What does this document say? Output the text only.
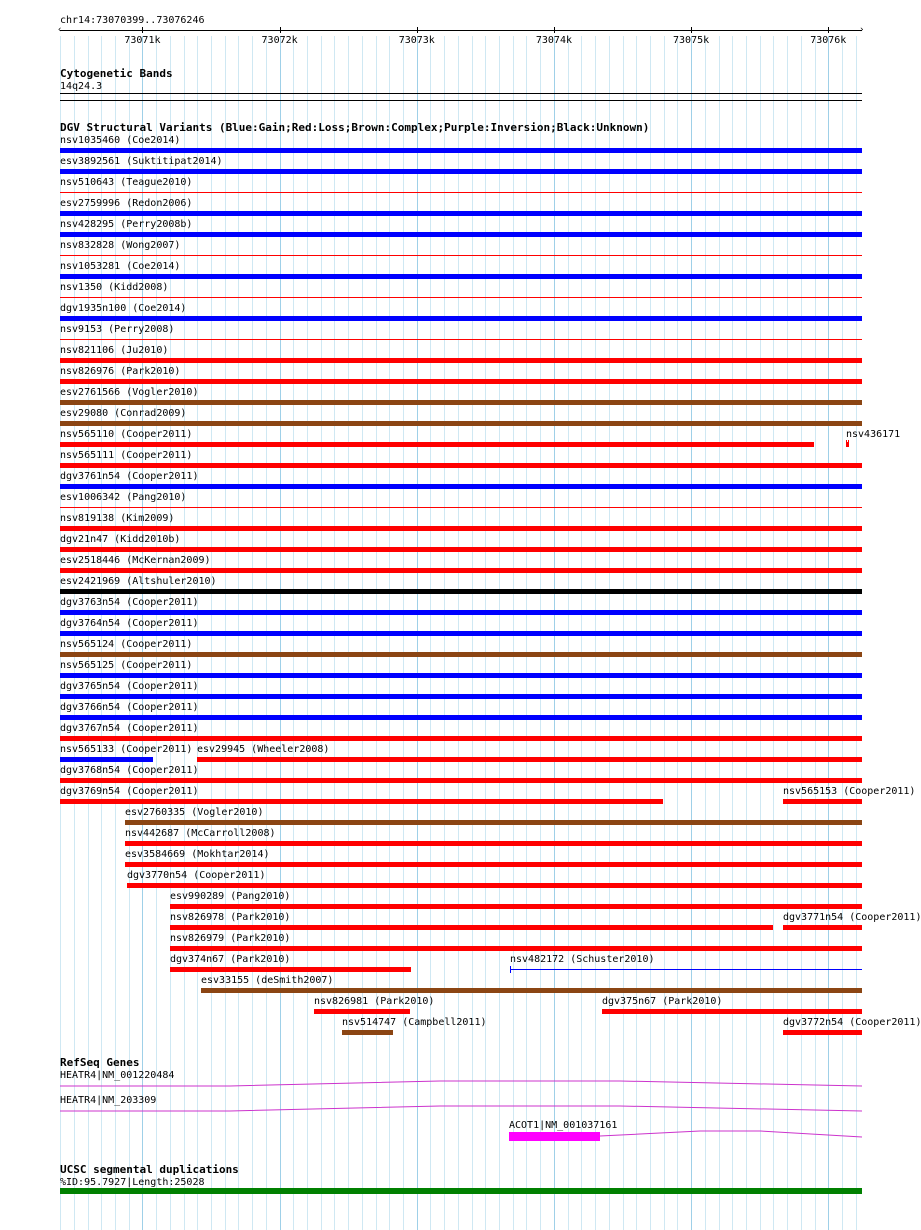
chr14:73070399..73076246
‹	›
73071k	73072k	73073k	73074k	73075k	73076k
Cytogenetic Bands
14q24.3
DGV Structural Variants (Blue:Gain;Red:Loss;Brown:Complex;Purple:Inversion;Black:Unknown)
nsv1035460 (Coe2014)
esv3892561 (Suktitipat2014)
nsv510643 (Teague2010)
esv2759996 (Redon2006)
nsv428295 (Perry2008b)
nsv832828 (Wong2007)
nsv1053281 (Coe2014)
nsv1350 (Kidd2008)
dgv1935n100 (Coe2014)
nsv9153 (Perry2008)
nsv821106 (Ju2010)
nsv826976 (Park2010)
esv2761566 (Vogler2010)
esv29080 (Conrad2009)
nsv565110 (Cooper2011)	nsv436171
nsv565111 (Cooper2011)
dgv3761n54 (Cooper2011)
esv1006342 (Pang2010)
nsv819138 (Kim2009)
dgv21n47 (Kidd2010b)
esv2518446 (McKernan2009)
esv2421969 (Altshuler2010)
dgv3763n54 (Cooper2011)
dgv3764n54 (Cooper2011)
nsv565124 (Cooper2011)
nsv565125 (Cooper2011)
dgv3765n54 (Cooper2011)
dgv3766n54 (Cooper2011)
dgv3767n54 (Cooper2011)
nsv565133 (Cooper2011) esv29945 (Wheeler2008)
dgv3768n54 (Cooper2011)
dgv3769n54 (Cooper2011)	nsv565153 (Cooper2011)
esv2760335 (Vogler2010)
nsv442687 (McCarroll2008)
esv3584669 (Mokhtar2014)
dgv3770n54 (Cooper2011)
esv990289 (Pang2010)
nsv826978 (Park2010)	dgv3771n54 (Cooper2011)
nsv826979 (Park2010)
dgv374n67 (Park2010)	nsv482172 (Schuster2010)
esv33155 (deSmith2007)
nsv826981 (Park2010)	dgv375n67 (Park2010)
nsv514747 (Campbell2011)	dgv3772n54 (Cooper2011)
RefSeq Genes
HEATR4|NM_001220484
HEATR4|NM_203309
ACOT1|NM_001037161
UCSC segmental duplications
%ID:95.7927|Length:25028
